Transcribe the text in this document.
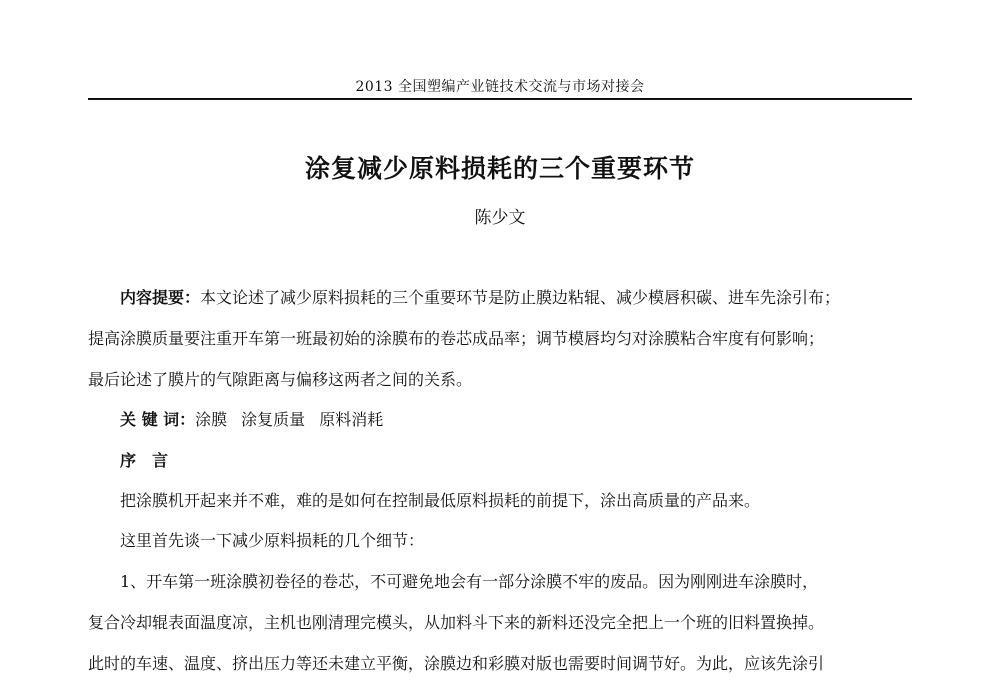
2013 全国塑编产业链技术交流与市场对接会
涂复减少原料损耗的三个重要环节
陈少文
内容提要：本文论述了减少原料损耗的三个重要环节是防止膜边粘辊、减少模唇积碳、进车先涂引布；
提高涂膜质量要注重开车第一班最初始的涂膜布的卷芯成品率；调节模唇均匀对涂膜粘合牢度有何影响；
最后论述了膜片的气隙距离与偏移这两者之间的关系。
关 键 词：涂膜 涂复质量 原料消耗
序　言
把涂膜机开起来并不难，难的是如何在控制最低原料损耗的前提下，涂出高质量的产品来。
这里首先谈一下减少原料损耗的几个细节：
1、开车第一班涂膜初卷径的卷芯，不可避免地会有一部分涂膜不牢的废品。因为刚刚进车涂膜时，
复合冷却辊表面温度凉，主机也刚清理完模头，从加料斗下来的新料还没完全把上一个班的旧料置换掉。
此时的车速、温度、挤出压力等还未建立平衡，涂膜边和彩膜对版也需要时间调节好。为此，应该先涂引
